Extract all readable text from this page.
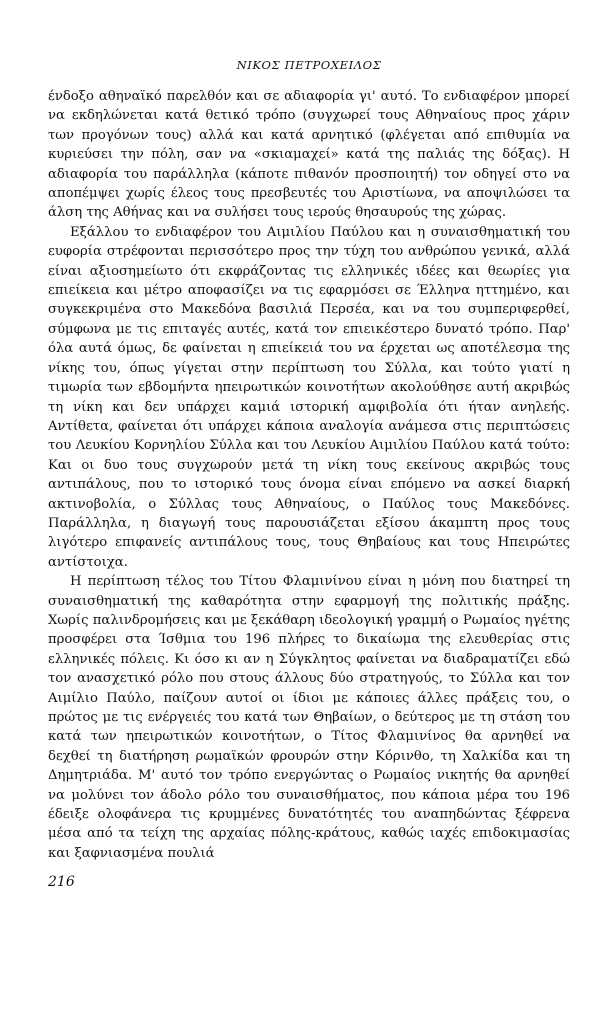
ΝΙΚΟΣ ΠΕΤΡΟΧΕΙΛΟΣ

ένδοξο αθηναϊκό παρελθόν και σε αδιαφορία γι' αυτό. Το ενδιαφέρον μπορεί να εκδηλώνεται κατά θετικό τρόπο (συγχωρεί τους Αθηναίους προς χάριν των προγόνων τους) αλλά και κατά αρνητικό (φλέγεται από επιθυμία να κυριεύσει την πόλη, σαν να «σκιαμαχεί» κατά της παλιάς της δόξας). Η αδιαφορία του παράλληλα (κάποτε πιθανόν προσποιητή) τον οδηγεί στο να αποπέμψει χωρίς έλεος τους πρεσβευτές του Αριστίωνα, να αποψιλώσει τα άλση της Αθήνας και να συλήσει τους ιερούς θησαυρούς της χώρας.

Εξάλλου το ενδιαφέρον του Αιμιλίου Παύλου και η συναισθηματική του ευφορία στρέφονται περισσότερο προς την τύχη του ανθρώπου γενικά, αλλά είναι αξιοσημείωτο ότι εκφράζοντας τις ελληνικές ιδέες και θεωρίες για επιείκεια και μέτρο αποφασίζει να τις εφαρμόσει σε Έλληνα ηττημένο, και συγκεκριμένα στο Μακεδόνα βασιλιά Περσέα, και να του συμπεριφερθεί, σύμφωνα με τις επιταγές αυτές, κατά τον επιεικέστερο δυνατό τρόπο. Παρ' όλα αυτά όμως, δε φαίνεται η επιείκειά του να έρχεται ως αποτέλεσμα της νίκης του, όπως γίγεται στην περίπτωση του Σύλλα, και τούτο γιατί η τιμωρία των εβδομήντα ηπειρωτικών κοινοτήτων ακολούθησε αυτή ακριβώς τη νίκη και δεν υπάρχει καμιά ιστορική αμφιβολία ότι ήταν ανηλεής. Αντίθετα, φαίνεται ότι υπάρχει κάποια αναλογία ανάμεσα στις περιπτώσεις του Λευκίου Κορνηλίου Σύλλα και του Λευκίου Αιμιλίου Παύλου κατά τούτο: Και οι δυο τους συγχωρούν μετά τη νίκη τους εκείνους ακριβώς τους αντιπάλους, που το ιστορικό τους όνομα είναι επόμενο να ασκεί διαρκή ακτινοβολία, ο Σύλλας τους Αθηναίους, ο Παύλος τους Μακεδόνες. Παράλληλα, η διαγωγή τους παρουσιάζεται εξίσου άκαμπτη προς τους λιγότερο επιφανείς αντιπάλους τους, τους Θηβαίους και τους Ηπειρώτες αντίστοιχα.

Η περίπτωση τέλος του Τίτου Φλαμινίνου είναι η μόνη που διατηρεί τη συναισθηματική της καθαρότητα στην εφαρμογή της πολιτικής πράξης. Χωρίς παλινδρομήσεις και με ξεκάθαρη ιδεολογική γραμμή ο Ρωμαίος ηγέτης προσφέρει στα Ίσθμια του 196 πλήρες το δικαίωμα της ελευθερίας στις ελληνικές πόλεις. Κι όσο κι αν η Σύγκλητος φαίνεται να διαδραματίζει εδώ τον ανασχετικό ρόλο που στους άλλους δύο στρατηγούς, το Σύλλα και τον Αιμίλιο Παύλο, παίζουν αυτοί οι ίδιοι με κάποιες άλλες πράξεις του, ο πρώτος με τις ενέργειές του κατά των Θηβαίων, ο δεύτερος με τη στάση του κατά των ηπειρωτικών κοινοτήτων, ο Τίτος Φλαμινίνος θα αρνηθεί να δεχθεί τη διατήρηση ρωμαϊκών φρουρών στην Κόρινθο, τη Χαλκίδα και τη Δημητριάδα. Μ' αυτό τον τρόπο ενεργώντας ο Ρωμαίος νικητής θα αρνηθεί να μολύνει τον άδολο ρόλο του συναισθήματος, που κάποια μέρα του 196 έδειξε ολοφάνερα τις κρυμμένες δυνατότητές του αναπηδώντας ξέφρενα μέσα από τα τείχη της αρχαίας πόλης-κράτους, καθώς ιαχές επιδοκιμασίας και ξαφνιασμένα πουλιά

216
